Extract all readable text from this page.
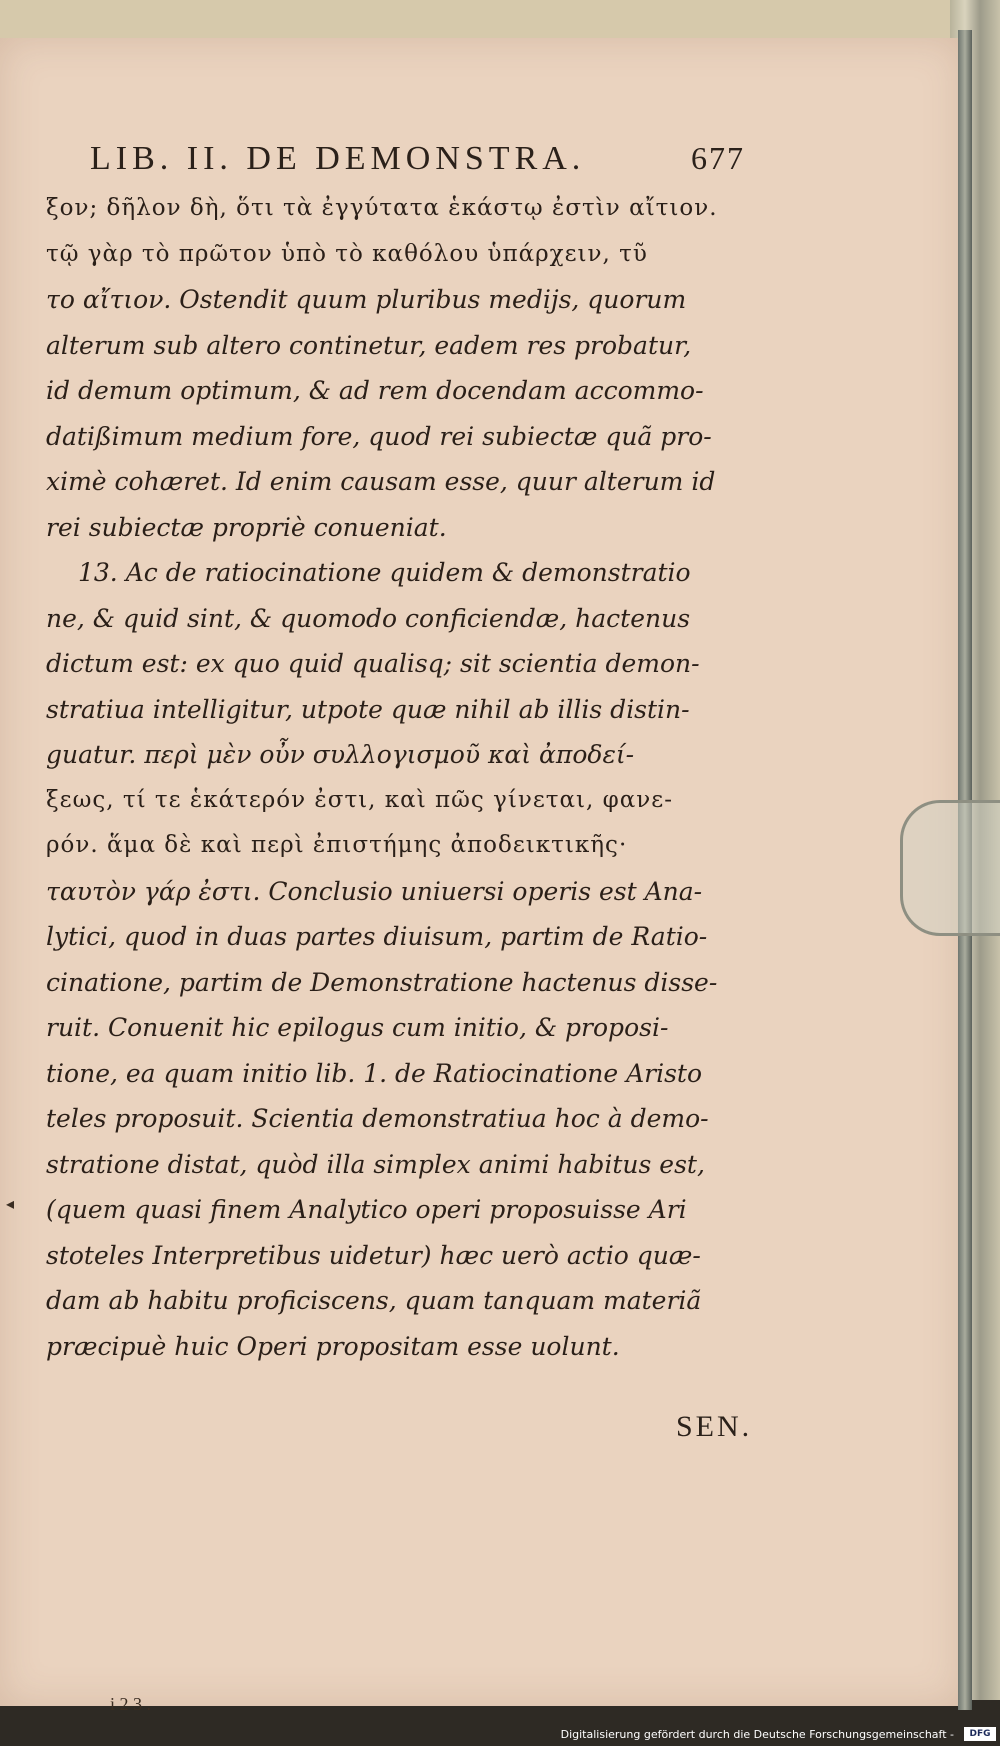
LIB. II. DE DEMONSTRA.	677
ξον; δῆλον δὴ, ὅτι τὰ ἐγγύτατα ἑκάστῳ ἐστὶν αἴτιον.
τῷ γὰρ τὸ πρῶτον ὑπὸ τὸ καθόλου ὑπάρχειν, τῦ
το αἴτιον. Ostendit quum pluribus medijs, quorum
alterum sub altero continetur, eadem res probatur,
id demum optimum, & ad rem docendam accommo-
datißimum medium fore, quod rei subiectæ quã pro-
ximè cohæret. Id enim causam esse, quur alterum id
rei subiectæ propriè conueniat.
13. Ac de ratiocinatione quidem & demonstratio
ne, & quid sint, & quomodo conficiendæ, hactenus
dictum est: ex quo quid qualisq; sit scientia demon-
stratiua intelligitur, utpote quæ nihil ab illis distin-
guatur. περὶ μὲν οὖν συλλογισμοῦ καὶ ἀποδεί-
ξεως, τί τε ἑκάτερόν ἐστι, καὶ πῶς γίνεται, φανε-
ρόν. ἅμα δὲ καὶ περὶ ἐπιστήμης ἀποδεικτικῆς·
ταυτὸν γάρ ἐστι. Conclusio uniuersi operis est Ana-
lytici, quod in duas partes diuisum, partim de Ratio-
cinatione, partim de Demonstratione hactenus disse-
ruit. Conuenit hic epilogus cum initio, & proposi-
tione, ea quam initio lib. 1. de Ratiocinatione Aristo
teles proposuit. Scientia demonstratiua hoc à demo-
stratione distat, quòd illa simplex animi habitus est,
(quem quasi finem Analytico operi proposuisse Ari
stoteles Interpretibus uidetur) hæc uerò actio quæ-
dam ab habitu proficiscens, quam tanquam materiã
præcipuè huic Operi propositam esse uolunt.
SEN.
i 2 3 .
◂
Digitalisierung gefördert durch die Deutsche Forschungsgemeinschaft -	DFG
